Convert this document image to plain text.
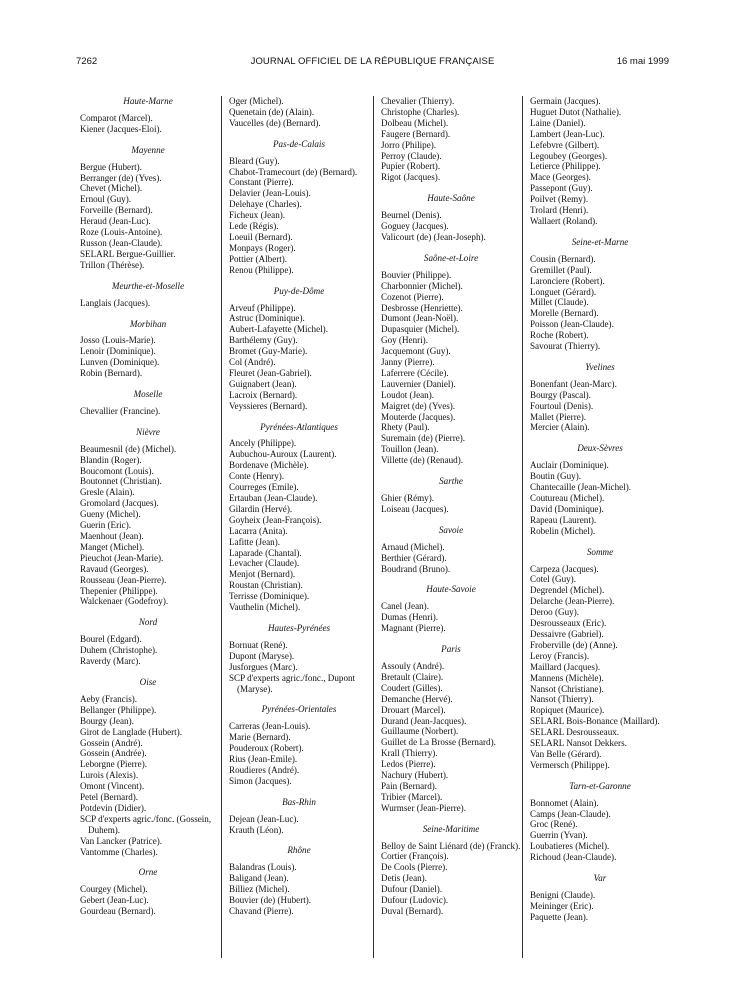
7262	JOURNAL OFFICIEL DE LA RÉPUBLIQUE FRANÇAISE	16 mai 1999
Haute-Marne
Comparot (Marcel).
Kiener (Jacques-Eloi).
Mayenne
Bergue (Hubert).
Berranger (de) (Yves).
Chevet (Michel).
Ernoul (Guy).
Forveille (Bernard).
Heraud (Jean-Luc).
Roze (Louis-Antoine).
Russon (Jean-Claude).
SELARL Bergue-Guillier.
Trillon (Thérèse).
Meurthe-et-Moselle
Langlais (Jacques).
Morbihan
Josso (Louis-Marie).
Lenoir (Dominique).
Lunven (Dominique).
Robin (Bernard).
Moselle
Chevallier (Francine).
Nièvre
Beaumesnil (de) (Michel).
Blandin (Roger).
Boucomont (Louis).
Boutonnet (Christian).
Gresle (Alain).
Gromolard (Jacques).
Gueny (Michel).
Guerin (Eric).
Maenhout (Jean).
Manget (Michel).
Pieuchot (Jean-Marie).
Ravaud (Georges).
Rousseau (Jean-Pierre).
Thepenier (Philippe).
Walckenaer (Godefroy).
Nord
Bourel (Edgard).
Duhem (Christophe).
Raverdy (Marc).
Oise
Aeby (Francis).
Bellanger (Philippe).
Bourgy (Jean).
Girot de Langlade (Hubert).
Gossein (André).
Gossein (Andrée).
Leborgne (Pierre).
Lurois (Alexis).
Omont (Vincent).
Petel (Bernard).
Potdevin (Didier).
SCP d'experts agric./fonc. (Gossein, Duhem).
Van Lancker (Patrice).
Vantomme (Charles).
Orne
Courgey (Michel).
Gebert (Jean-Luc).
Gourdeau (Bernard).
Oger (Michel).
Quenetain (de) (Alain).
Vaucelles (de) (Bernard).
Pas-de-Calais
Bleard (Guy).
Chabot-Tramecourt (de) (Bernard).
Constant (Pierre).
Delavier (Jean-Louis).
Delehaye (Charles).
Ficheux (Jean).
Lede (Régis).
Loeuil (Bernard).
Monpays (Roger).
Pottier (Albert).
Renou (Philippe).
Puy-de-Dôme
Arveuf (Philippe).
Astruc (Dominique).
Aubert-Lafayette (Michel).
Barthélemy (Guy).
Bromet (Guy-Marie).
Col (André).
Fleuret (Jean-Gabriel).
Guignabert (Jean).
Lacroix (Bernard).
Veyssieres (Bernard).
Pyrénées-Atlantiques
Ancely (Philippe).
Aubuchou-Auroux (Laurent).
Bordenave (Michèle).
Conte (Henry).
Courreges (Emile).
Ertauban (Jean-Claude).
Gilardin (Hervé).
Goyheix (Jean-François).
Lacarra (Anita).
Lafitte (Jean).
Laparade (Chantal).
Levacher (Claude).
Menjot (Bernard).
Roustan (Christian).
Terrisse (Dominique).
Vauthelin (Michel).
Hautes-Pyrénées
Bornuat (René).
Dupont (Maryse).
Jusforgues (Marc).
SCP d'experts agric./fonc., Dupont (Maryse).
Pyrénées-Orientales
Carreras (Jean-Louis).
Marie (Bernard).
Pouderoux (Robert).
Rius (Jean-Emile).
Roudieres (André).
Simon (Jacques).
Bas-Rhin
Dejean (Jean-Luc).
Krauth (Léon).
Rhône
Balandras (Louis).
Baligand (Jean).
Billiez (Michel).
Bouvier (de) (Hubert).
Chavand (Pierre).
Chevalier (Thierry).
Christophe (Charles).
Dolbeau (Michel).
Faugere (Bernard).
Jorro (Philipe).
Perroy (Claude).
Pupier (Robert).
Rigot (Jacques).
Haute-Saône
Beurnel (Denis).
Goguey (Jacques).
Valicourt (de) (Jean-Joseph).
Saône-et-Loire
Bouvier (Philippe).
Charbonnier (Michel).
Cozenot (Pierre).
Desbrosse (Henriette).
Dumont (Jean-Noël).
Dupasquier (Michel).
Goy (Henri).
Jacquemont (Guy).
Janny (Pierre).
Laferrere (Cécile).
Lauvernier (Daniel).
Loudot (Jean).
Maigret (de) (Yves).
Mouterde (Jacques).
Rhety (Paul).
Suremain (de) (Pierre).
Touillon (Jean).
Villette (de) (Renaud).
Sarthe
Ghier (Rémy).
Loiseau (Jacques).
Savoie
Arnaud (Michel).
Berthier (Gérard).
Boudrand (Bruno).
Haute-Savoie
Canel (Jean).
Dumas (Henri).
Magnant (Pierre).
Paris
Assouly (André).
Bretault (Claire).
Coudert (Gilles).
Demanche (Hervé).
Drouart (Marcel).
Durand (Jean-Jacques).
Guillaume (Norbert).
Guillet de La Brosse (Bernard).
Krall (Thierry).
Ledos (Pierre).
Nachury (Hubert).
Pain (Bernard).
Tribier (Marcel).
Wurmser (Jean-Pierre).
Seine-Maritime
Belloy de Saint Liénard (de) (Franck).
Cortier (François).
De Cools (Pierre).
Detis (Jean).
Dufour (Daniel).
Dufour (Ludovic).
Duval (Bernard).
Germain (Jacques).
Huguet Dutot (Nathalie).
Laine (Daniel).
Lambert (Jean-Luc).
Lefebvre (Gilbert).
Legoubey (Georges).
Letierce (Philippe).
Mace (Georges).
Passepont (Guy).
Poilvet (Remy).
Trolard (Henri).
Wallaert (Roland).
Seine-et-Marne
Cousin (Bernard).
Gremillet (Paul).
Laronciere (Robert).
Longuet (Gérard).
Millet (Claude).
Morelle (Bernard).
Poisson (Jean-Claude).
Roche (Robert).
Savourat (Thierry).
Yvelines
Bonenfant (Jean-Marc).
Bourgy (Pascal).
Fourtoul (Denis).
Mallet (Pierre).
Mercier (Alain).
Deux-Sèvres
Auclair (Dominique).
Boutin (Guy).
Chantecaille (Jean-Michel).
Coutureau (Michel).
David (Dominique).
Rapeau (Laurent).
Robelin (Michel).
Somme
Carpeza (Jacques).
Cotel (Guy).
Degrendel (Michel).
Delarche (Jean-Pierre).
Deroo (Guy).
Desrousseaux (Eric).
Dessaivre (Gabriel).
Froberville (de) (Anne).
Leroy (Francis).
Maillard (Jacques).
Mannens (Michèle).
Nansot (Christiane).
Nansot (Thierry).
Ropiquet (Maurice).
SELARL Bois-Bonance (Maillard).
SELARL Desrousseaux.
SELARL Nansot Dekkers.
Van Belle (Gérard).
Vermersch (Philippe).
Tarn-et-Garonne
Bonnomet (Alain).
Camps (Jean-Claude).
Groc (René).
Guerrin (Yvan).
Loubatieres (Michel).
Richoud (Jean-Claude).
Var
Benigni (Claude).
Meininger (Eric).
Paquette (Jean).
